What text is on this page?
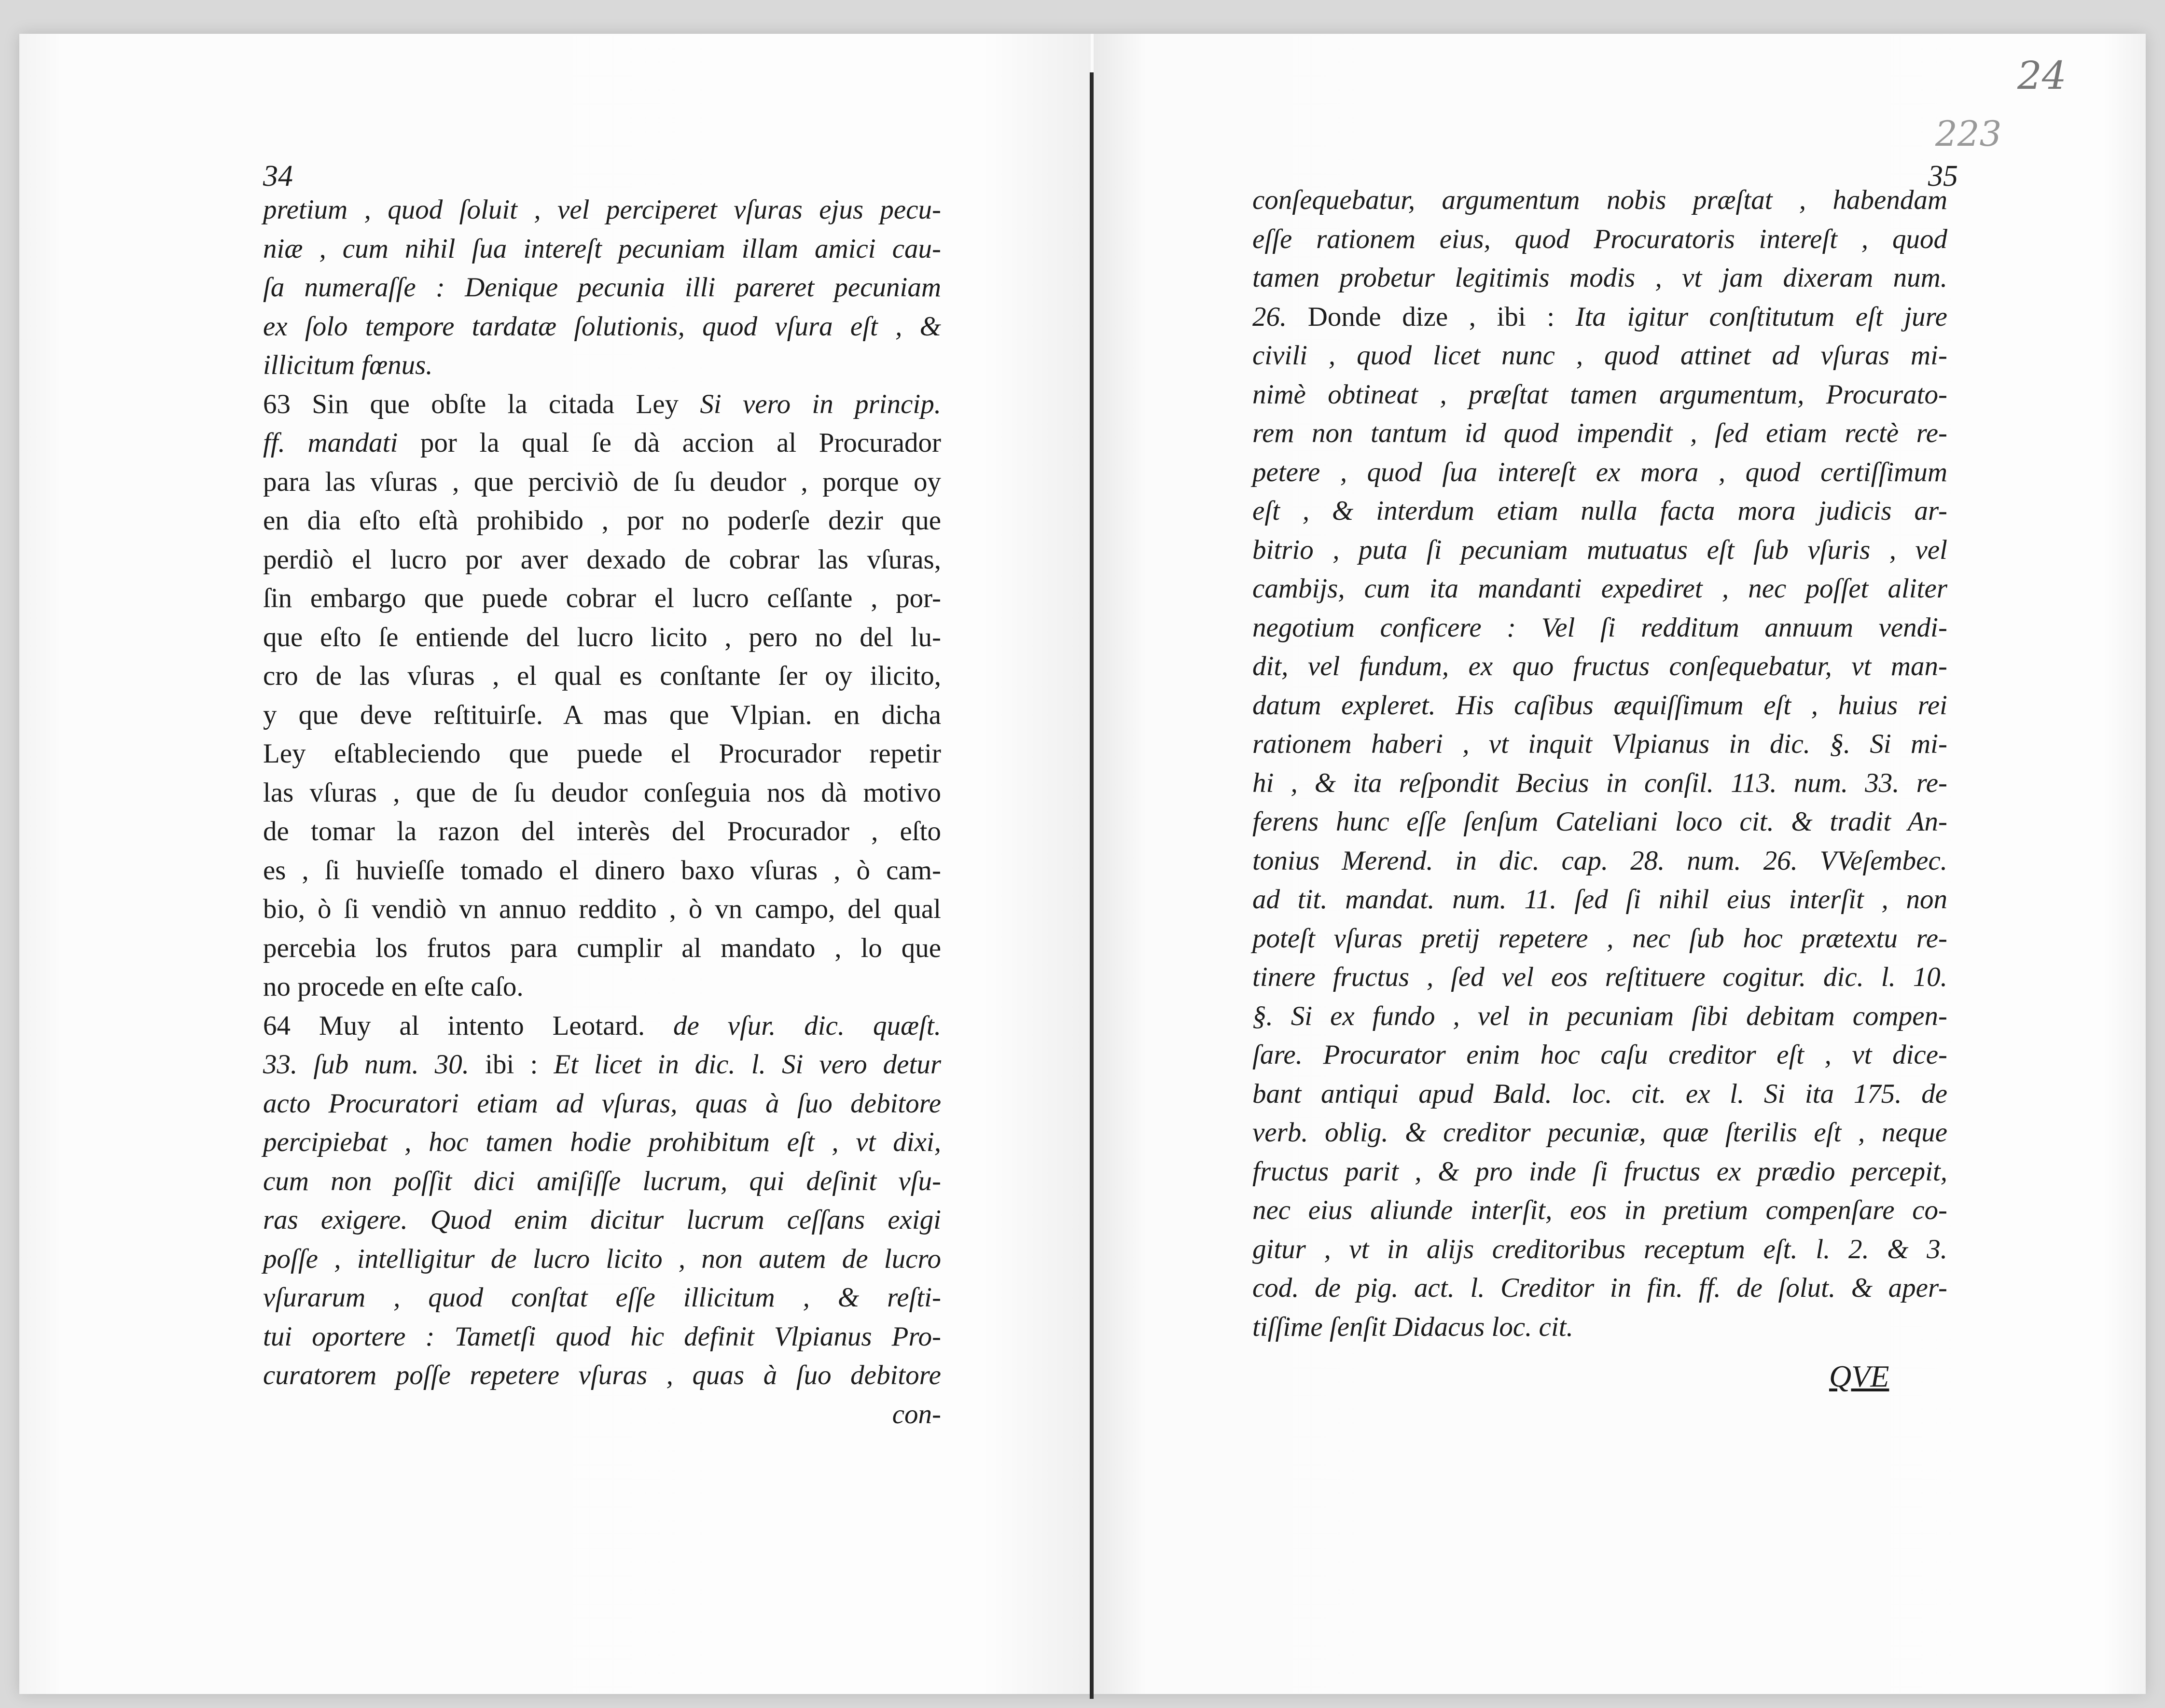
34	35
24
223
pretium , quod ſoluit , vel perciperet vſuras ejus pecu-
niæ , cum nihil ſua intereſt pecuniam illam amici cau-
ſa numeraſſe : Denique pecunia illi pareret pecuniam
ex ſolo tempore tardatæ ſolutionis, quod vſura eſt , &
illicitum fœnus.
63 Sin que obſte la citada Ley Si vero in princip.
ff. mandati por la qual ſe dà accion al Procurador
para las vſuras , que perciviò de ſu deudor , porque oy
en dia eſto eſtà prohibido , por no poderſe dezir que
perdiò el lucro por aver dexado de cobrar las vſuras,
ſin embargo que puede cobrar el lucro ceſſante , por-
que eſto ſe entiende del lucro licito , pero no del lu-
cro de las vſuras , el qual es conſtante ſer oy ilicito,
y que deve reſtituirſe. A mas que Vlpian. en dicha
Ley eſtableciendo que puede el Procurador repetir
las vſuras , que de ſu deudor conſeguia nos dà motivo
de tomar la razon del interès del Procurador , eſto
es , ſi huvieſſe tomado el dinero baxo vſuras , ò cam-
bio, ò ſi vendiò vn annuo reddito , ò vn campo, del qual
percebia los frutos para cumplir al mandato , lo que
no procede en eſte caſo.
64 Muy al intento Leotard. de vſur. dic. quæſt.
33. ſub num. 30. ibi : Et licet in dic. l. Si vero detur
acto Procuratori etiam ad vſuras, quas à ſuo debitore
percipiebat , hoc tamen hodie prohibitum eſt , vt dixi,
cum non poſſit dici amiſiſſe lucrum, qui deſinit vſu-
ras exigere. Quod enim dicitur lucrum ceſſans exigi
poſſe , intelligitur de lucro licito , non autem de lucro
vſurarum , quod conſtat eſſe illicitum , & reſti-
tui oportere : Tametſi quod hic definit Vlpianus Pro-
curatorem poſſe repetere vſuras , quas à ſuo debitore
con-
conſequebatur, argumentum nobis præſtat , habendam
eſſe rationem eius, quod Procuratoris intereſt , quod
tamen probetur legitimis modis , vt jam dixeram num.
26. Donde dize , ibi : Ita igitur conſtitutum eſt jure
civili , quod licet nunc , quod attinet ad vſuras mi-
nimè obtineat , præſtat tamen argumentum, Procurato-
rem non tantum id quod impendit , ſed etiam rectè re-
petere , quod ſua intereſt ex mora , quod certiſſimum
eſt , & interdum etiam nulla facta mora judicis ar-
bitrio , puta ſi pecuniam mutuatus eſt ſub vſuris , vel
cambijs, cum ita mandanti expediret , nec poſſet aliter
negotium conficere : Vel ſi redditum annuum vendi-
dit, vel fundum, ex quo fructus conſequebatur, vt man-
datum expleret. His caſibus æquiſſimum eſt , huius rei
rationem haberi , vt inquit Vlpianus in dic. §. Si mi-
hi , & ita reſpondit Becius in conſil. 113. num. 33. re-
ferens hunc eſſe ſenſum Cateliani loco cit. & tradit An-
tonius Merend. in dic. cap. 28. num. 26. VVeſembec.
ad tit. mandat. num. 11. ſed ſi nihil eius interſit , non
poteſt vſuras pretij repetere , nec ſub hoc prætextu re-
tinere fructus , ſed vel eos reſtituere cogitur. dic. l. 10.
§. Si ex fundo , vel in pecuniam ſibi debitam compen-
ſare. Procurator enim hoc caſu creditor eſt , vt dice-
bant antiqui apud Bald. loc. cit. ex l. Si ita 175. de
verb. oblig. & creditor pecuniæ, quæ ſterilis eſt , neque
fructus parit , & pro inde ſi fructus ex prædio percepit,
nec eius aliunde interſit, eos in pretium compenſare co-
gitur , vt in alijs creditoribus receptum eſt. l. 2. & 3.
cod. de pig. act. l. Creditor in fin. ff. de ſolut. & aper-
tiſſime ſenſit Didacus loc. cit.
QVE
